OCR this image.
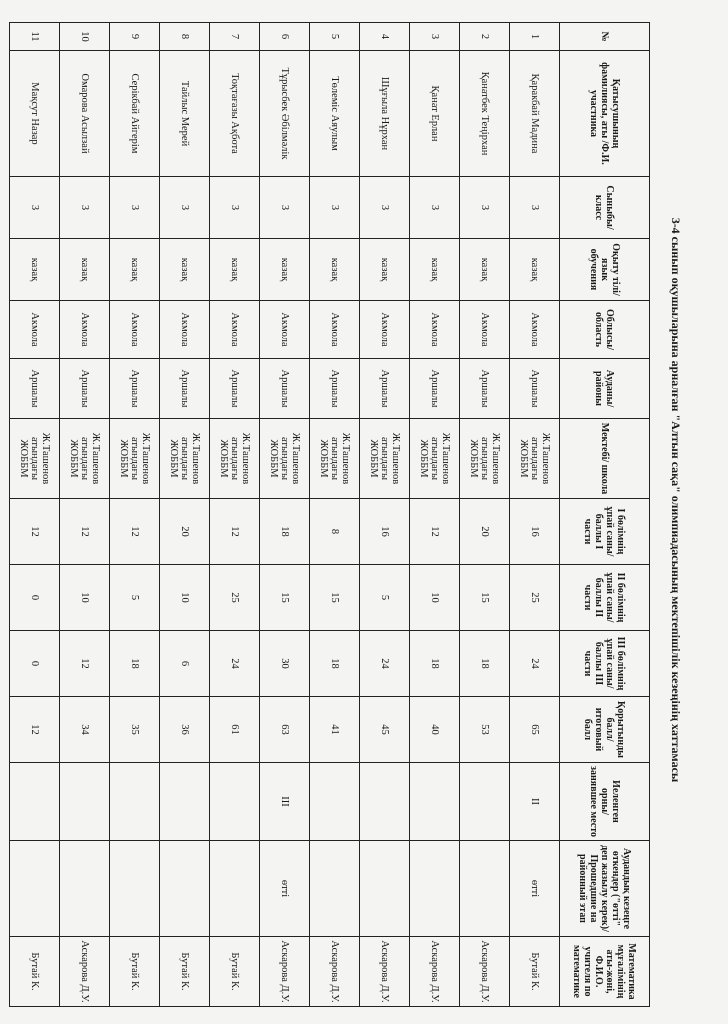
3-4 сынып оқушыларына арналған "Алтын сақа" олимпиадасының мектепішілік кезеңінің хаттамасы
№	Қатысушының фамилиясы, аты /Ф.И. участника	Сыныбы/класс	Оқыту тілі/ язык обучения	Облысы/ область	Ауданы/ районы	Мектебі/ школа	I бөлімнің ұпай саны/ баллы I части	II бөлімнің ұпай саны/ баллы II части	III бөлімнің ұпай саны/ баллы III части	Қорытынды балл/ итоговый балл	Иеленген орны/ занявшее место	Аудандық кезеңге өткендер ("өтті" деп жазылу керек)/ Прошедшие на районный этап	Математика мұғалімінің аты-жөні, Ф.И.О. учителя по математике
1	Қаракбай Мадина	3	казақ	Акмола	Аршалы	Ж.Ташенов атындағы ЖОББМ	16	25	24	65	II	өтті	Бутай К.
2	Қанатбек Теңірхан	3	казақ	Акмола	Аршалы	Ж.Ташенов атындағы ЖОББМ	20	15	18	53			Аскарова Д.У.
3	Қанат Ерлан	3	казақ	Акмола	Аршалы	Ж.Ташенов атындағы ЖОББМ	12	10	18	40			Аскарова Д.У.
4	Шұғыла Нұрхан	3	казақ	Акмола	Аршалы	Ж.Ташенов атындағы ЖОББМ	16	5	24	45			Аскарова Д.У.
5	Төлеміс Аяулым	3	казақ	Акмола	Аршалы	Ж.Ташенов атындағы ЖОББМ	8	15	18	41			Аскарова Д.У.
6	Тұрысбек Әбілмәлік	3	казақ	Акмола	Аршалы	Ж.Ташенов атындағы ЖОББМ	18	15	30	63	III	өтті	Аскарова Д.У.
7	Тоқтағазы Ақбота	3	казақ	Акмола	Аршалы	Ж.Ташенов атындағы ЖОББМ	12	25	24	61			Бутай К.
8	Тайлыс Мерей	3	казақ	Акмола	Аршалы	Ж.Ташенов атындағы ЖОББМ	20	10	6	36			Бутай К.
9	Серікбай Айгерім	3	казақ	Акмола	Аршалы	Ж.Ташенов атындағы ЖОББМ	12	5	18	35			Бутай К.
10	Омарова Асылзай	3	казақ	Акмола	Аршалы	Ж.Ташенов атындағы ЖОББМ	12	10	12	34			Аскарова Д.У.
11	Мақсут Назар	3	казақ	Акмола	Аршалы	Ж.Ташенов атындағы ЖОББМ	12	0	0	12			Бутай К.
